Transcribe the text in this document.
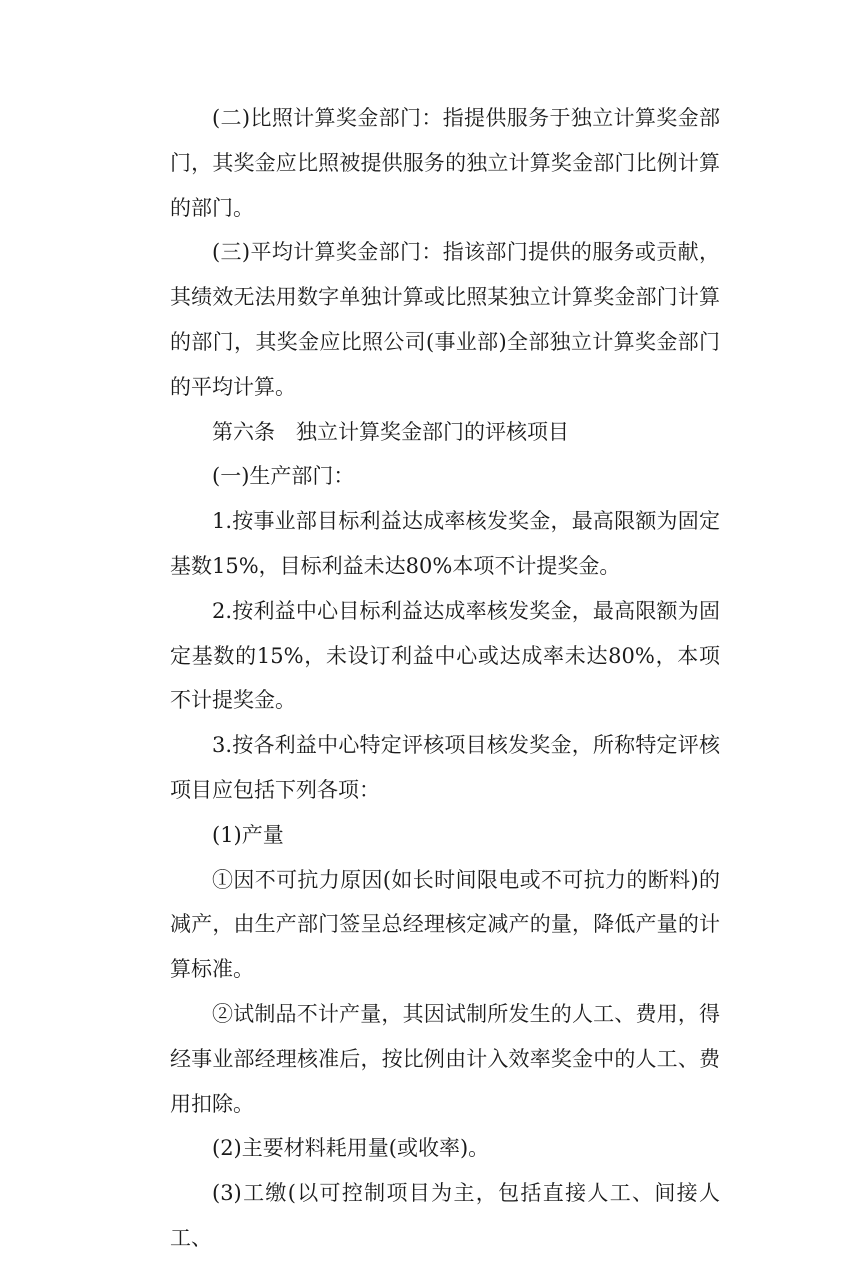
(二)比照计算奖金部门：指提供服务于独立计算奖金部门，其奖金应比照被提供服务的独立计算奖金部门比例计算的部门。

(三)平均计算奖金部门：指该部门提供的服务或贡献，其绩效无法用数字单独计算或比照某独立计算奖金部门计算的部门，其奖金应比照公司(事业部)全部独立计算奖金部门的平均计算。

第六条　独立计算奖金部门的评核项目

(一)生产部门：

1.按事业部目标利益达成率核发奖金，最高限额为固定基数15%，目标利益未达80%本项不计提奖金。

2.按利益中心目标利益达成率核发奖金，最高限额为固定基数的15%，未设订利益中心或达成率未达80%，本项不计提奖金。

3.按各利益中心特定评核项目核发奖金，所称特定评核项目应包括下列各项：

(1)产量

①因不可抗力原因(如长时间限电或不可抗力的断料)的减产，由生产部门签呈总经理核定减产的量，降低产量的计算标准。

②试制品不计产量，其因试制所发生的人工、费用，得经事业部经理核准后，按比例由计入效率奖金中的人工、费用扣除。

(2)主要材料耗用量(或收率)。

(3)工缴(以可控制项目为主，包括直接人工、间接人工、
